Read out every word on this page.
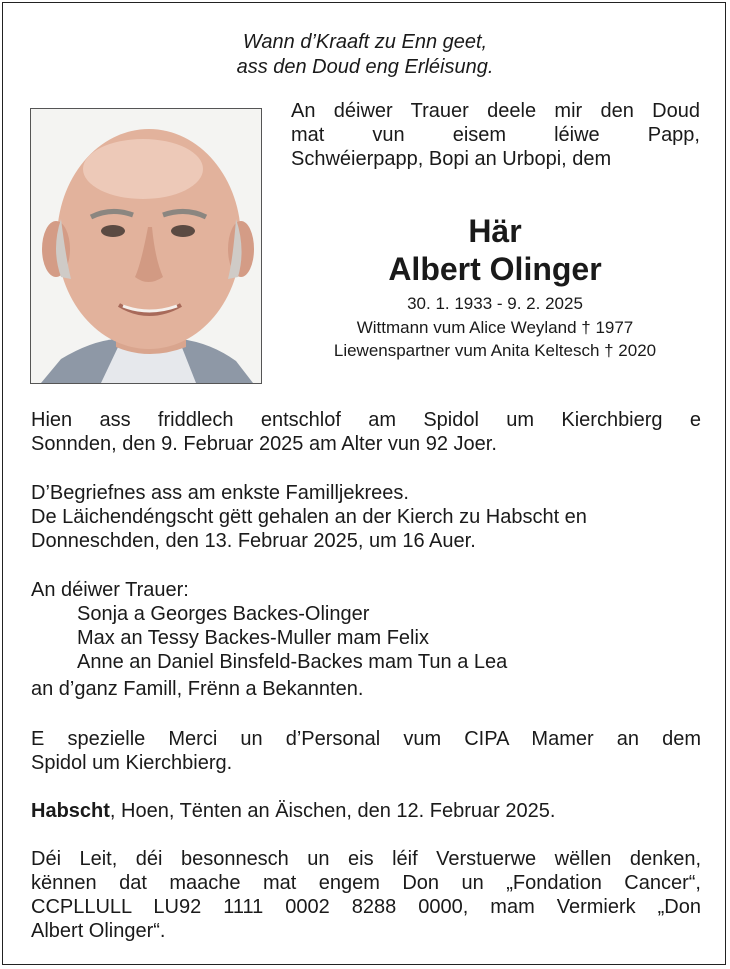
Wann d’Kraaft zu Enn geet,
ass den Doud eng Erléisung.
An déiwer Trauer deele mir den Doud
mat vun eisem léiwe Papp,
Schwéierpapp, Bopi an Urbopi, dem
Här
Albert Olinger
30. 1. 1933 - 9. 2. 2025
Wittmann vum Alice Weyland † 1977
Liewenspartner vum Anita Keltesch † 2020

Hien ass friddlech entschlof am Spidol um Kierchbierg e

Sonnden, den 9. Februar 2025 am Alter vun 92 Joer.

D’Begriefnes ass am enkste Familljekrees.

De Läichendéngscht gëtt gehalen an der Kierch zu Habscht en

Donneschden, den 13. Februar 2025, um 16 Auer.

An déiwer Trauer:

Sonja a Georges Backes-Olinger

Max an Tessy Backes-Muller mam Felix

Anne an Daniel Binsfeld-Backes mam Tun a Lea

an d’ganz Famill, Frënn a Bekannten.

E spezielle Merci un d’Personal vum CIPA Mamer an dem

Spidol um Kierchbierg.

Habscht, Hoen, Tënten an Äischen, den 12. Februar 2025.

Déi Leit, déi besonnesch un eis léif Verstuerwe wëllen denken,

kënnen dat maache mat engem Don un „Fondation Cancer“,

CCPLLULL LU92 1111 0002 8288 0000, mam Vermierk „Don

Albert Olinger“.
